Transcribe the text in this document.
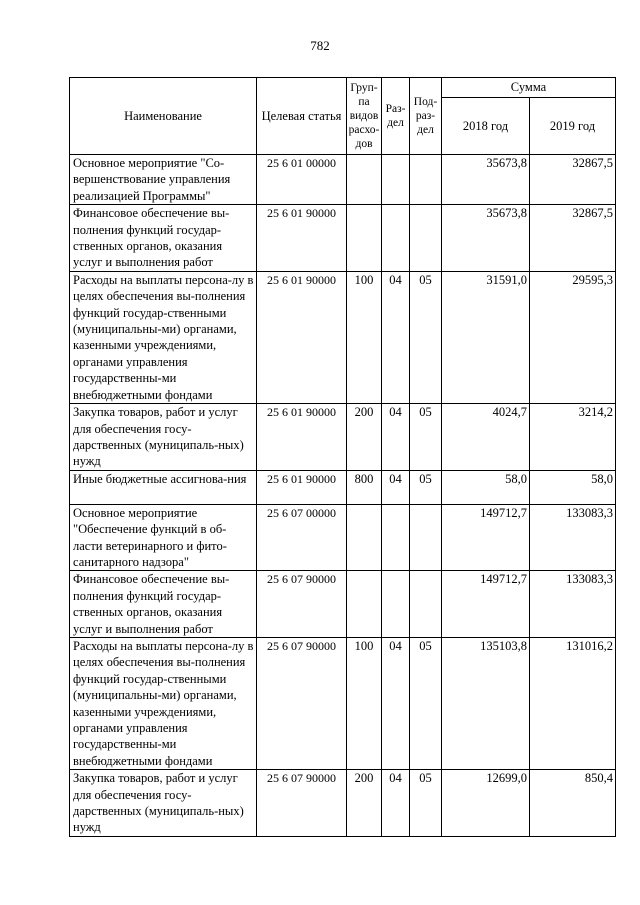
782
Наименование	Целевая статья	Груп-па видов расхо-дов	Раз-дел	Под-раз-дел	Сумма	
					2018 год	2019 год
Основное мероприятие "Со-вершенствование управления реализацией Программы"	25 6 01 00000				35673,8	32867,5
Финансовое обеспечение вы-полнения функций государ-ственных органов, оказания услуг и выполнения работ	25 6 01 90000				35673,8	32867,5
Расходы на выплаты персона-лу в целях обеспечения вы-полнения функций государ-ственными (муниципальны-ми) органами, казенными учреждениями, органами управления государственны-ми внебюджетными фондами	25 6 01 90000	100	04	05	31591,0	29595,3
Закупка товаров, работ и услуг для обеспечения госу-дарственных (муниципаль-ных) нужд	25 6 01 90000	200	04	05	4024,7	3214,2
Иные бюджетные ассигнова-ния	25 6 01 90000	800	04	05	58,0	58,0
Основное мероприятие "Обеспечение функций в об-ласти ветеринарного и фито-санитарного надзора"	25 6 07 00000				149712,7	133083,3
Финансовое обеспечение вы-полнения функций государ-ственных органов, оказания услуг и выполнения работ	25 6 07 90000				149712,7	133083,3
Расходы на выплаты персона-лу в целях обеспечения вы-полнения функций государ-ственными (муниципальны-ми) органами, казенными учреждениями, органами управления государственны-ми внебюджетными фондами	25 6 07 90000	100	04	05	135103,8	131016,2
Закупка товаров, работ и услуг для обеспечения госу-дарственных (муниципаль-ных) нужд	25 6 07 90000	200	04	05	12699,0	850,4
